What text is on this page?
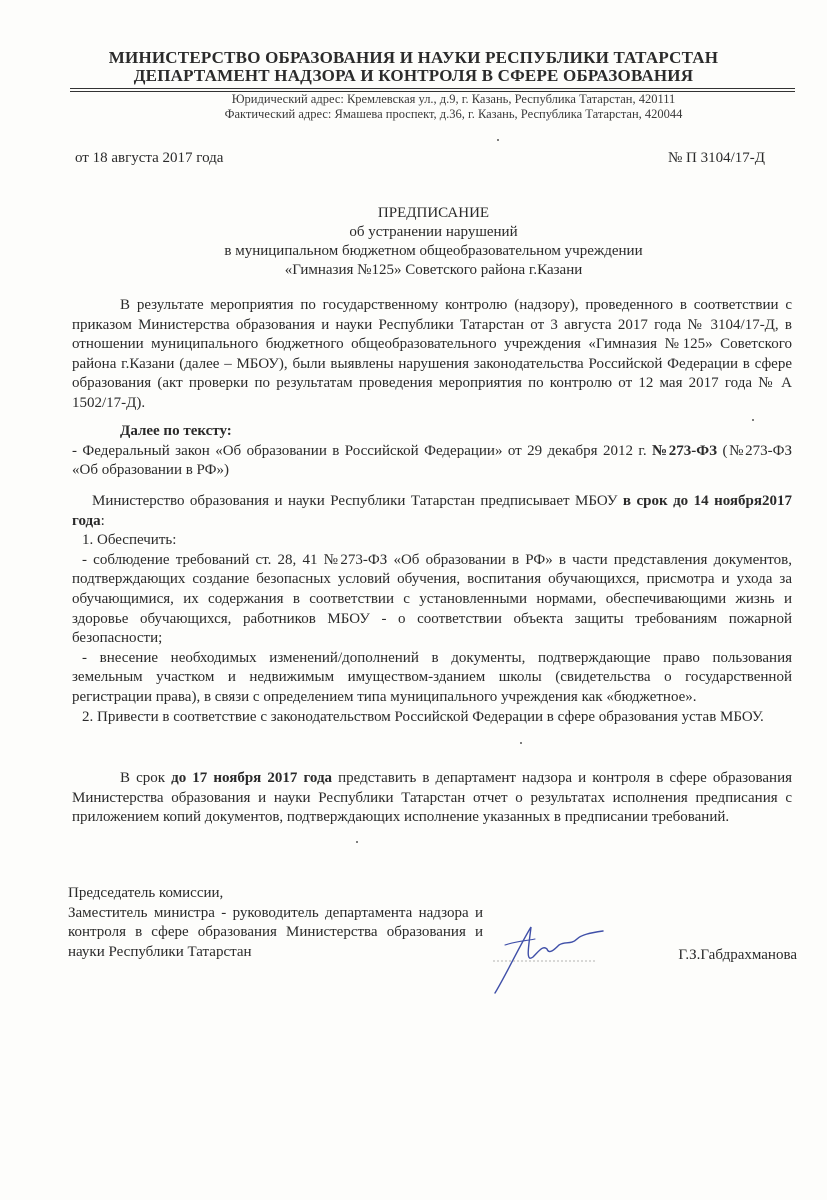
МИНИСТЕРСТВО ОБРАЗОВАНИЯ И НАУКИ РЕСПУБЛИКИ ТАТАРСТАН
ДЕПАРТАМЕНТ НАДЗОРА И КОНТРОЛЯ В СФЕРЕ ОБРАЗОВАНИЯ
Юридический адрес: Кремлевская ул., д.9, г. Казань, Республика Татарстан, 420111
Фактический адрес: Ямашева проспект, д.36, г. Казань, Республика Татарстан, 420044
от 18 августа 2017 года	№ П 3104/17-Д
ПРЕДПИСАНИЕ
об устранении нарушений
в муниципальном бюджетном общеобразовательном учреждении
«Гимназия №125» Советского района г.Казани
В результате мероприятия по государственному контролю (надзору), проведенного в соответствии с приказом Министерства образования и науки Республики Татарстан от 3 августа 2017 года № 3104/17-Д, в отношении муниципального бюджетного общеобразовательного учреждения «Гимназия №125» Советского района г.Казани (далее – МБОУ), были выявлены нарушения законодательства Российской Федерации в сфере образования (акт проверки по результатам проведения мероприятия по контролю от 12 мая 2017 года № А 1502/17-Д).
Далее по тексту:
- Федеральный закон «Об образовании в Российской Федерации» от 29 декабря 2012 г. №273-ФЗ (№273-ФЗ «Об образовании в РФ»)
Министерство образования и науки Республики Татарстан предписывает МБОУ в срок до 14 ноября2017 года:
1. Обеспечить:
- соблюдение требований ст. 28, 41 №273-ФЗ «Об образовании в РФ» в части представления документов, подтверждающих создание безопасных условий обучения, воспитания обучающихся, присмотра и ухода за обучающимися, их содержания в соответствии с установленными нормами, обеспечивающими жизнь и здоровье обучающихся, работников МБОУ - о соответствии объекта защиты требованиям пожарной безопасности;
- внесение необходимых изменений/дополнений в документы, подтверждающие право пользования земельным участком и недвижимым имуществом-зданием школы (свидетельства о государственной регистрации права), в связи с определением типа муниципального учреждения как «бюджетное».
2. Привести в соответствие с законодательством Российской Федерации в сфере образования устав МБОУ.
В срок до 17 ноября 2017 года представить в департамент надзора и контроля в сфере образования Министерства образования и науки Республики Татарстан отчет о результатах исполнения предписания с приложением копий документов, подтверждающих исполнение указанных в предписании требований.
Председатель комиссии,
Заместитель министра - руководитель департамента надзора и контроля в сфере образования Министерства образования и науки Республики Татарстан	Г.З.Габдрахманова
